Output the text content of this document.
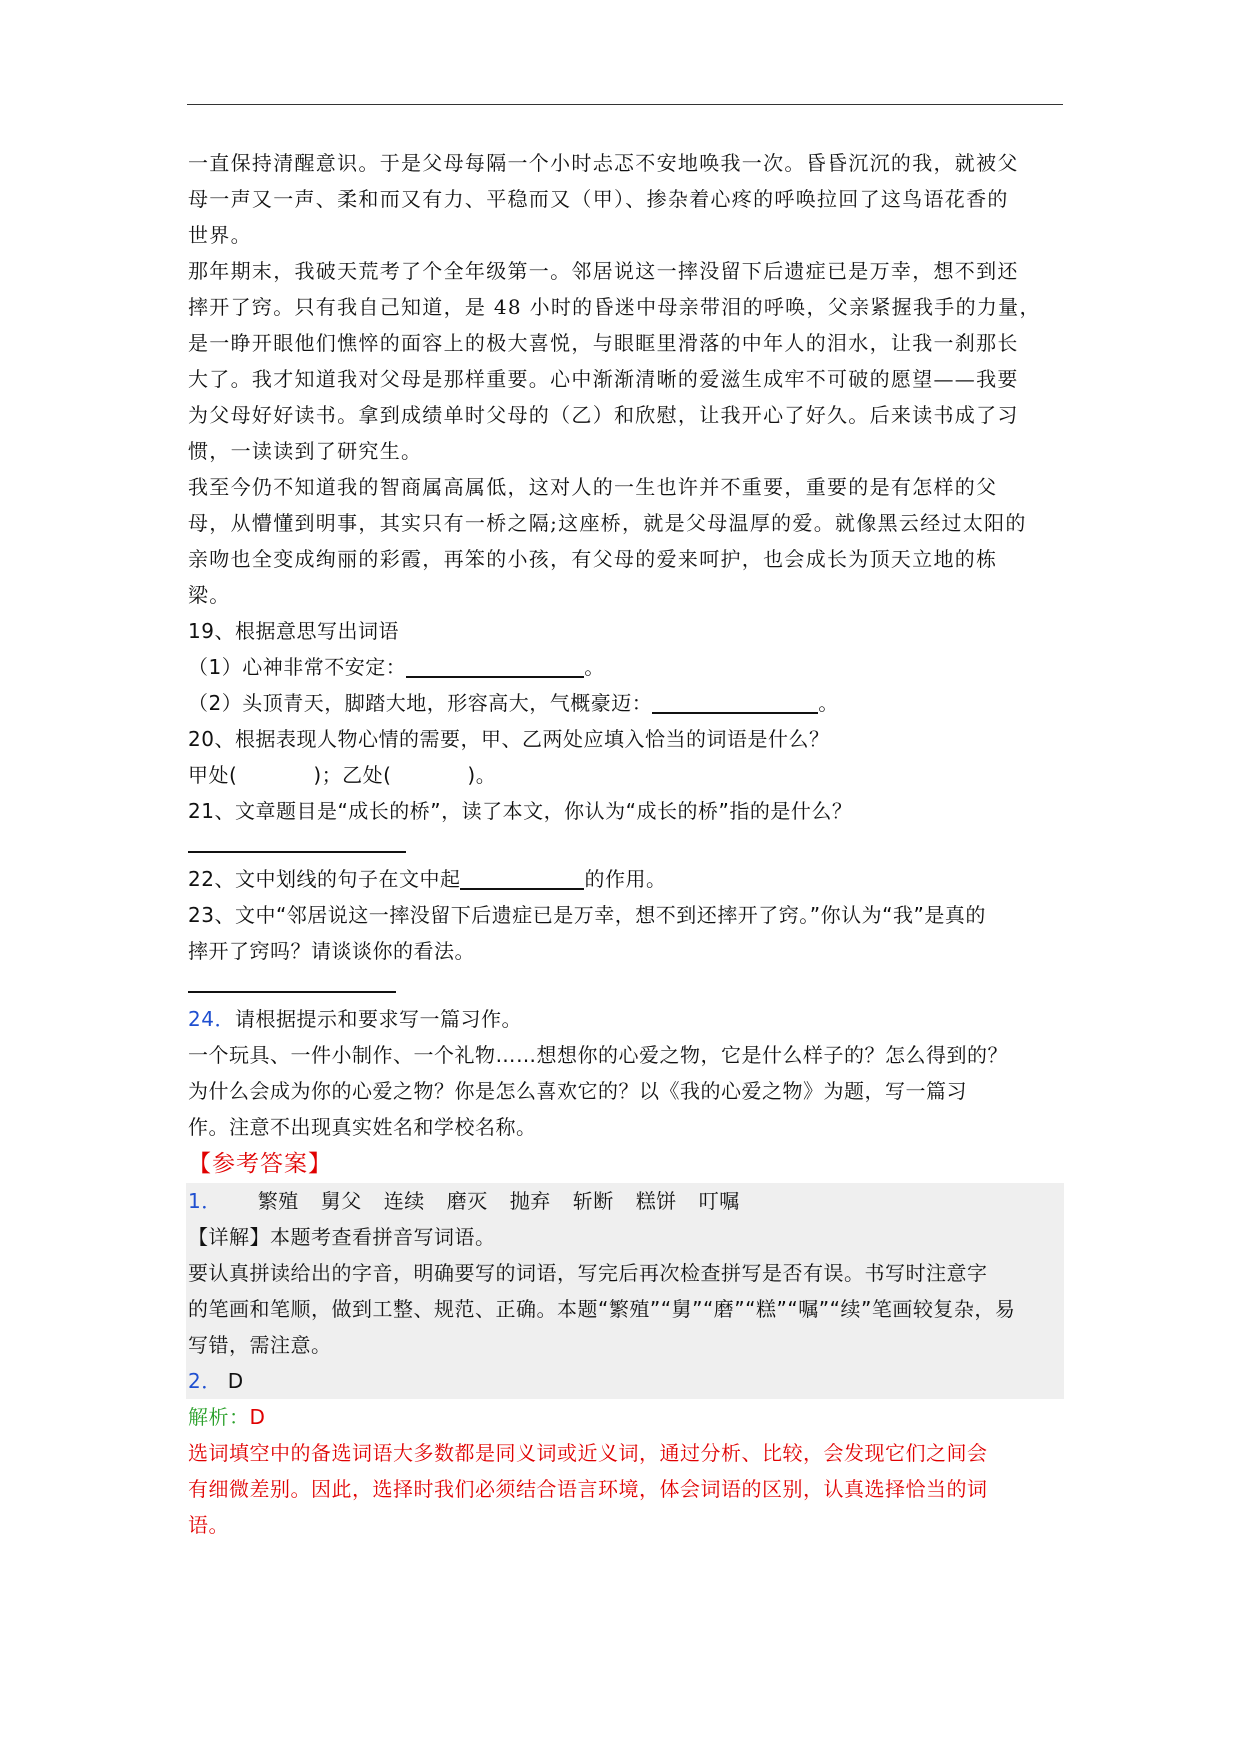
一直保持清醒意识。于是父母每隔一个小时忐忑不安地唤我一次。昏昏沉沉的我，就被父
母一声又一声、柔和而又有力、平稳而又（甲）、掺杂着心疼的呼唤拉回了这鸟语花香的
世界。
那年期末，我破天荒考了个全年级第一。邻居说这一摔没留下后遗症已是万幸，想不到还
摔开了窍。只有我自己知道，是 48 小时的昏迷中母亲带泪的呼唤，父亲紧握我手的力量，
是一睁开眼他们憔悴的面容上的极大喜悦，与眼眶里滑落的中年人的泪水，让我一刹那长
大了。我才知道我对父母是那样重要。心中渐渐清晰的爱滋生成牢不可破的愿望——我要
为父母好好读书。拿到成绩单时父母的（乙）和欣慰，让我开心了好久。后来读书成了习
惯，一读读到了研究生。
我至今仍不知道我的智商属高属低，这对人的一生也许并不重要，重要的是有怎样的父
母，从懵懂到明事，其实只有一桥之隔;这座桥，就是父母温厚的爱。就像黑云经过太阳的
亲吻也全变成绚丽的彩霞，再笨的小孩，有父母的爱来呵护，也会成长为顶天立地的栋
梁。
19、根据意思写出词语
（1）心神非常不安定：	。
（2）头顶青天，脚踏大地，形容高大，气概豪迈：	。
20、根据表现人物心情的需要，甲、乙两处应填入恰当的词语是什么？
甲处(	)；乙处(	)。
21、文章题目是“成长的桥”，读了本文，你认为“成长的桥”指的是什么？
22、文中划线的句子在文中起	的作用。
23、文中“邻居说这一摔没留下后遗症已是万幸，想不到还摔开了窍。”你认为“我”是真的
摔开了窍吗？请谈谈你的看法。
24．请根据提示和要求写一篇习作。
一个玩具、一件小制作、一个礼物……想想你的心爱之物，它是什么样子的？怎么得到的？
为什么会成为你的心爱之物？你是怎么喜欢它的？以《我的心爱之物》为题，写一篇习
作。注意不出现真实姓名和学校名称。
【参考答案】
1． 繁殖 舅父 连续 磨灭 抛弃 斩断 糕饼 叮嘱
【详解】本题考查看拼音写词语。
要认真拼读给出的字音，明确要写的词语，写完后再次检查拼写是否有误。书写时注意字
的笔画和笔顺，做到工整、规范、正确。本题“繁殖”“舅”“磨”“糕”“嘱”“续”笔画较复杂，易
写错，需注意。
2． D
解析：D
选词填空中的备选词语大多数都是同义词或近义词，通过分析、比较，会发现它们之间会
有细微差别。因此，选择时我们必须结合语言环境，体会词语的区别，认真选择恰当的词
语。
